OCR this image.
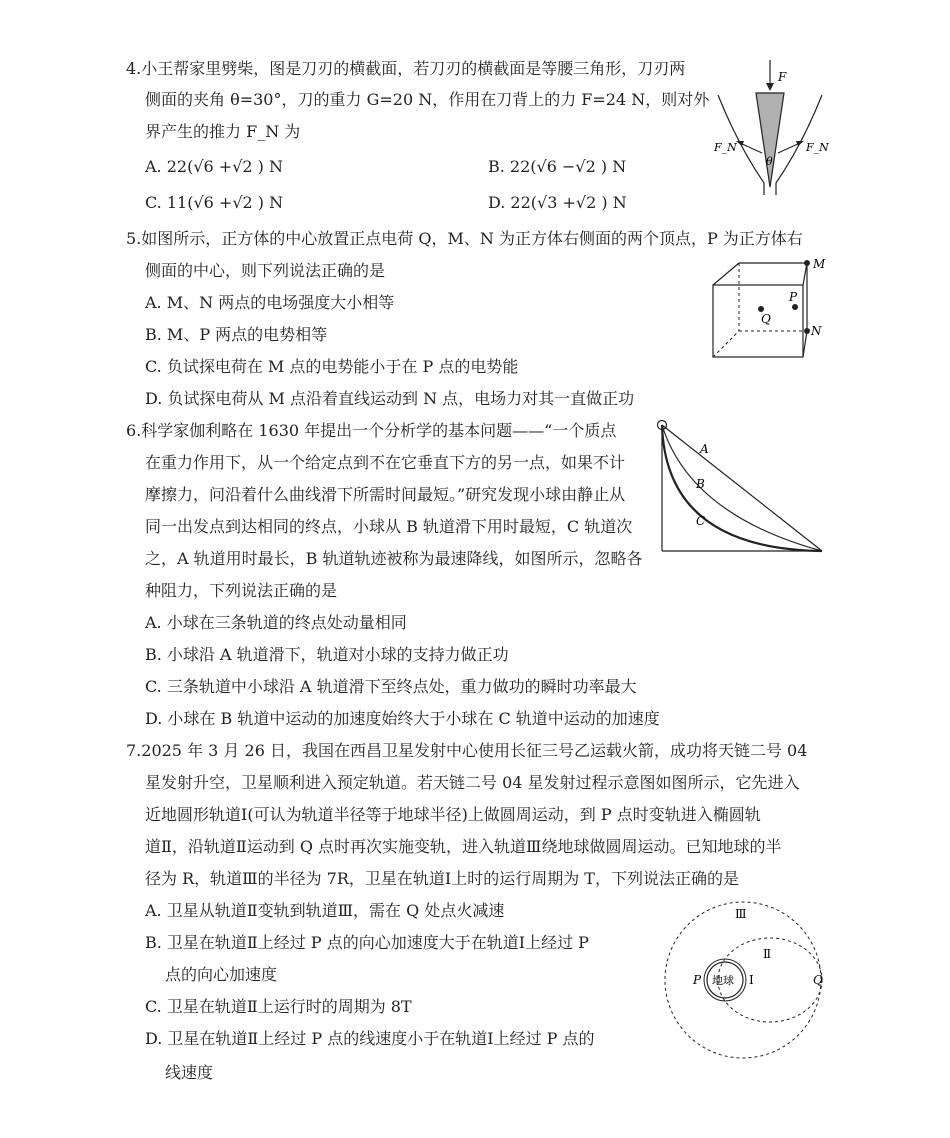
4.小王帮家里劈柴，图是刀刃的横截面，若刀刃的横截面是等腰三角形，刀刃两
侧面的夹角 θ=30°，刀的重力 G=20 N，作用在刀背上的力 F=24 N，则对外
界产生的推力 F_N 为
A. 22(√6 +√2 ) N	B. 22(√6 −√2 ) N
C. 11(√6 +√2 ) N	D. 22(√3 +√2 ) N
F
F_N	F_N
θ
5.如图所示，正方体的中心放置正点电荷 Q，M、N 为正方体右侧面的两个顶点，P 为正方体右
侧面的中心，则下列说法正确的是
A. M、N 两点的电场强度大小相等
B. M、P 两点的电势相等
C. 负试探电荷在 M 点的电势能小于在 P 点的电势能
D. 负试探电荷从 M 点沿着直线运动到 N 点，电场力对其一直做正功
M
N
P
Q
6.科学家伽利略在 1630 年提出一个分析学的基本问题——“一个质点
在重力作用下，从一个给定点到不在它垂直下方的另一点，如果不计
摩擦力，问沿着什么曲线滑下所需时间最短。”研究发现小球由静止从
同一出发点到达相同的终点，小球从 B 轨道滑下用时最短，C 轨道次
之，A 轨道用时最长，B 轨道轨迹被称为最速降线，如图所示，忽略各
种阻力，下列说法正确的是
A. 小球在三条轨道的终点处动量相同
B. 小球沿 A 轨道滑下，轨道对小球的支持力做正功
C. 三条轨道中小球沿 A 轨道滑下至终点处，重力做功的瞬时功率最大
D. 小球在 B 轨道中运动的加速度始终大于小球在 C 轨道中运动的加速度
A
B
C
7.2025 年 3 月 26 日，我国在西昌卫星发射中心使用长征三号乙运载火箭，成功将天链二号 04
星发射升空，卫星顺利进入预定轨道。若天链二号 04 星发射过程示意图如图所示，它先进入
近地圆形轨道Ⅰ(可认为轨道半径等于地球半径)上做圆周运动，到 P 点时变轨进入椭圆轨
道Ⅱ，沿轨道Ⅱ运动到 Q 点时再次实施变轨，进入轨道Ⅲ绕地球做圆周运动。已知地球的半
径为 R，轨道Ⅲ的半径为 7R，卫星在轨道Ⅰ上时的运行周期为 T，下列说法正确的是
A. 卫星从轨道Ⅱ变轨到轨道Ⅲ，需在 Q 处点火减速
B. 卫星在轨道Ⅱ上经过 P 点的向心加速度大于在轨道Ⅰ上经过 P
点的向心加速度
C. 卫星在轨道Ⅱ上运行时的周期为 8T
D. 卫星在轨道Ⅱ上经过 P 点的线速度小于在轨道Ⅰ上经过 P 点的
线速度
地球 Ⅰ
Ⅱ
Ⅲ
P	Q
